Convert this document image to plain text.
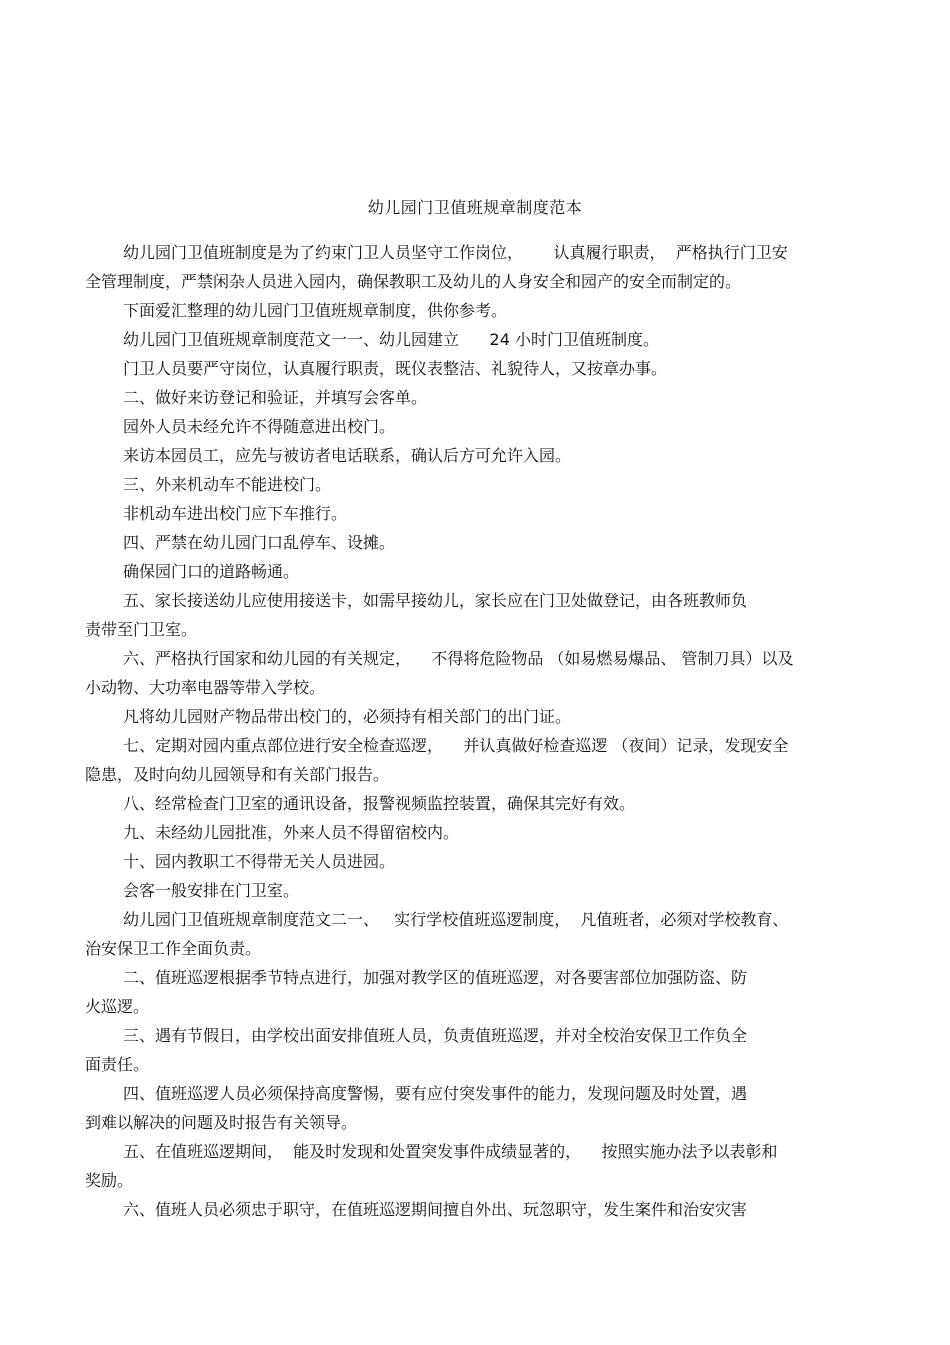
幼儿园门卫值班规章制度范本
幼儿园门卫值班制度是为了约束门卫人员坚守工作岗位，      认真履行职责，  严格执行门卫安
全管理制度，严禁闲杂人员进入园内，确保教职工及幼儿的人身安全和园产的安全而制定的。
下面爱汇整理的幼儿园门卫值班规章制度，供你参考。
幼儿园门卫值班规章制度范文一一、幼儿园建立      24 小时门卫值班制度。
门卫人员要严守岗位，认真履行职责，既仪表整洁、礼貌待人，又按章办事。
二、做好来访登记和验证，并填写会客单。
园外人员未经允许不得随意进出校门。
来访本园员工，应先与被访者电话联系，确认后方可允许入园。
三、外来机动车不能进校门。
非机动车进出校门应下车推行。
四、严禁在幼儿园门口乱停车、设摊。
确保园门口的道路畅通。
五、家长接送幼儿应使用接送卡，如需早接幼儿，家长应在门卫处做登记，由各班教师负
责带至门卫室。
六、严格执行国家和幼儿园的有关规定，    不得将危险物品 （如易燃易爆品、 管制刀具）以及
小动物、大功率电器等带入学校。
凡将幼儿园财产物品带出校门的，必须持有相关部门的出门证。
七、定期对园内重点部位进行安全检查巡逻，    并认真做好检查巡逻 （夜间）记录，发现安全
隐患，及时向幼儿园领导和有关部门报告。
八、经常检查门卫室的通讯设备，报警视频监控装置，确保其完好有效。
九、未经幼儿园批准，外来人员不得留宿校内。
十、园内教职工不得带无关人员进园。
会客一般安排在门卫室。
幼儿园门卫值班规章制度范文二一、   实行学校值班巡逻制度，  凡值班者，必须对学校教育、
治安保卫工作全面负责。
二、值班巡逻根据季节特点进行，加强对教学区的值班巡逻，对各要害部位加强防盗、防
火巡逻。
三、遇有节假日，由学校出面安排值班人员，负责值班巡逻，并对全校治安保卫工作负全
面责任。
四、值班巡逻人员必须保持高度警惕，要有应付突发事件的能力，发现问题及时处置，遇
到难以解决的问题及时报告有关领导。
五、在值班巡逻期间，  能及时发现和处置突发事件成绩显著的，    按照实施办法予以表彰和
奖励。
六、值班人员必须忠于职守，在值班巡逻期间擅自外出、玩忽职守，发生案件和治安灾害
